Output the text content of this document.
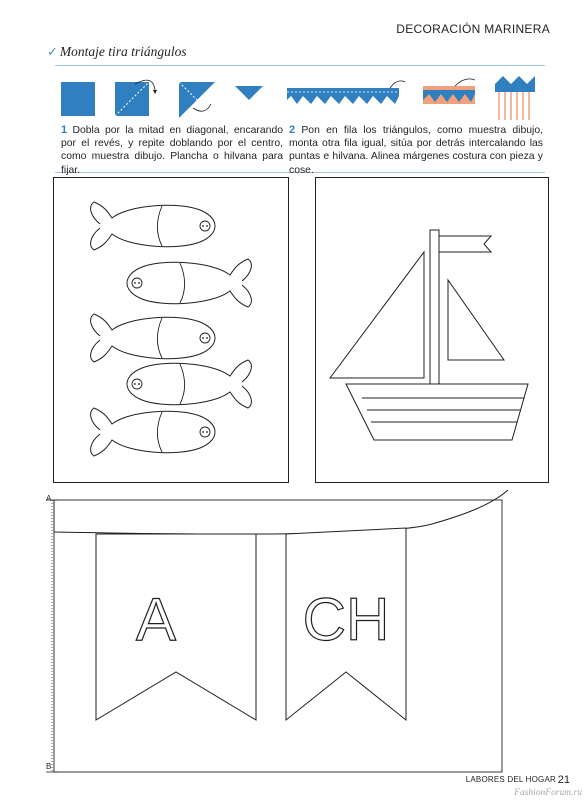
DECORACIÓN MARINERA
✓ Montaje tira triángulos
1 Dobla por la mitad en diagonal, encarando por el revés, y repite doblando por el centro, como muestra dibujo. Plancha o hilvana para fijar.
2 Pon en fila los triángulos, como muestra dibujo, monta otra fila igual, sitúa por detrás intercalando las puntas e hilvana. Alinea márgenes costura con pieza y cose.
A CH
A
B
LABORES DEL HOGAR 21
FashionForum.ru
